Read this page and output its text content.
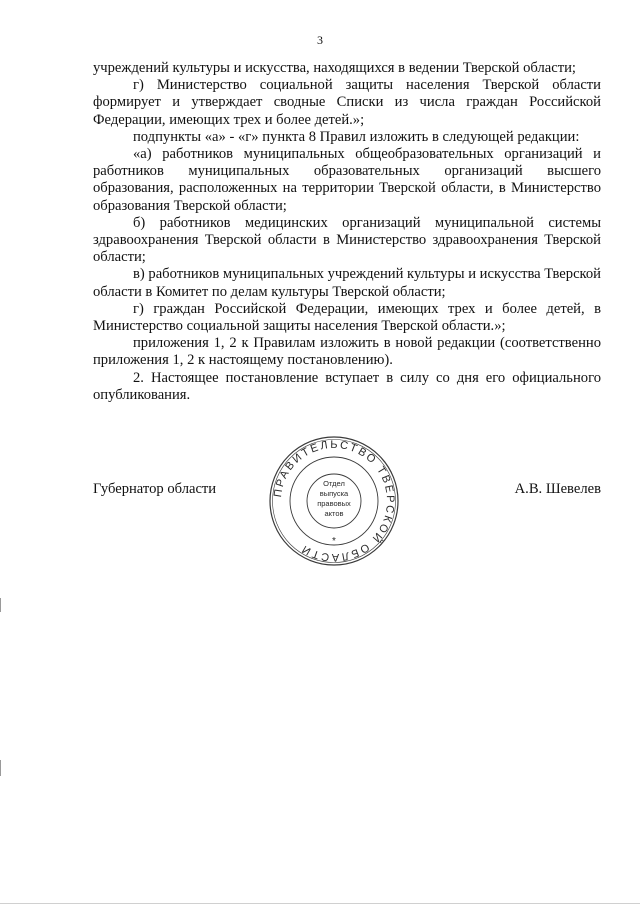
3

учреждений культуры и искусства, находящихся в ведении Тверской области;

г) Министерство социальной защиты населения Тверской области формирует и утверждает сводные Списки из числа граждан Российской Федерации, имеющих трех и более детей.»;

подпункты «а» - «г» пункта 8 Правил изложить в следующей редакции:

«а) работников муниципальных общеобразовательных организаций и работников муниципальных образовательных организаций высшего образования, расположенных на территории Тверской области, в Министерство образования Тверской области;

б) работников медицинских организаций муниципальной системы здравоохранения Тверской области в Министерство здравоохранения Тверской области;

в) работников муниципальных учреждений культуры и искусства Тверской области в Комитет по делам культуры Тверской области;

г) граждан Российской Федерации, имеющих трех и более детей, в Министерство социальной защиты населения Тверской области.»;

приложения 1, 2 к Правилам изложить в новой редакции (соответственно приложения 1, 2 к настоящему постановлению).

2. Настоящее постановление вступает в силу со дня его официального опубликования.

Губернатор области	А.В. Шевелев
ПРАВИТЕЛЬСТВО ТВЕРСКОЙ ОБЛАСТИ
Отдел
выпуска
правовых
актов
*
